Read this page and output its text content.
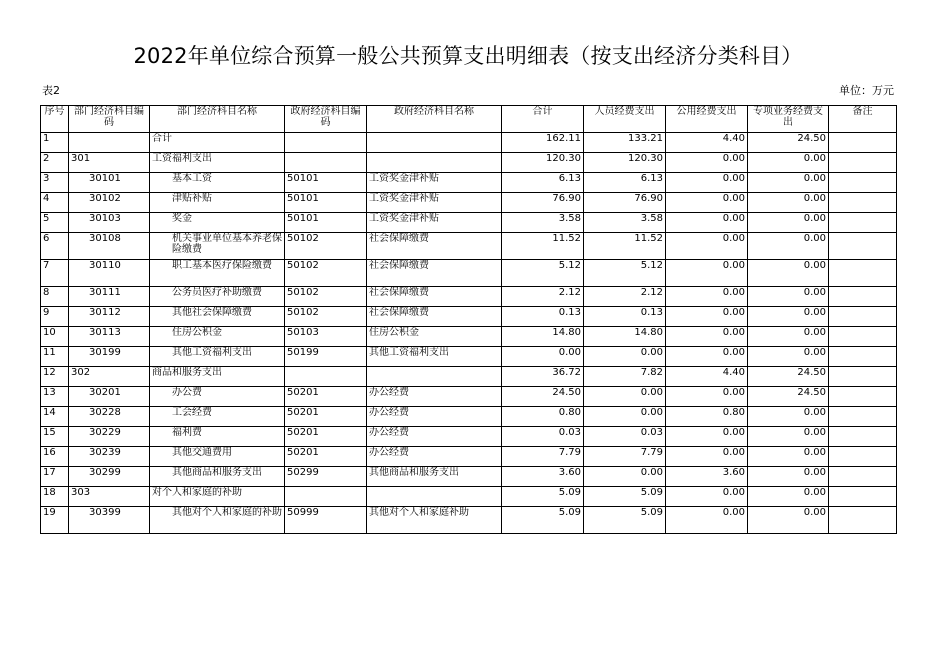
2022年单位综合预算一般公共预算支出明细表（按支出经济分类科目）
表2	单位：万元
序号	部门经济科目编码	部门经济科目名称	政府经济科目编码	政府经济科目名称	合计	人员经费支出	公用经费支出	专项业务经费支出	备注
1		合计			162.11	133.21	4.40	24.50	
2	301	工资福利支出			120.30	120.30	0.00	0.00	
3	30101	基本工资	50101	工资奖金津补贴	6.13	6.13	0.00	0.00	
4	30102	津贴补贴	50101	工资奖金津补贴	76.90	76.90	0.00	0.00	
5	30103	奖金	50101	工资奖金津补贴	3.58	3.58	0.00	0.00	
6	30108	机关事业单位基本养老保险缴费	50102	社会保障缴费	11.52	11.52	0.00	0.00	
7	30110	职工基本医疗保险缴费	50102	社会保障缴费	5.12	5.12	0.00	0.00	
8	30111	公务员医疗补助缴费	50102	社会保障缴费	2.12	2.12	0.00	0.00	
9	30112	其他社会保障缴费	50102	社会保障缴费	0.13	0.13	0.00	0.00	
10	30113	住房公积金	50103	住房公积金	14.80	14.80	0.00	0.00	
11	30199	其他工资福利支出	50199	其他工资福利支出	0.00	0.00	0.00	0.00	
12	302	商品和服务支出			36.72	7.82	4.40	24.50	
13	30201	办公费	50201	办公经费	24.50	0.00	0.00	24.50	
14	30228	工会经费	50201	办公经费	0.80	0.00	0.80	0.00	
15	30229	福利费	50201	办公经费	0.03	0.03	0.00	0.00	
16	30239	其他交通费用	50201	办公经费	7.79	7.79	0.00	0.00	
17	30299	其他商品和服务支出	50299	其他商品和服务支出	3.60	0.00	3.60	0.00	
18	303	对个人和家庭的补助			5.09	5.09	0.00	0.00	
19	30399	其他对个人和家庭的补助	50999	其他对个人和家庭补助	5.09	5.09	0.00	0.00	
